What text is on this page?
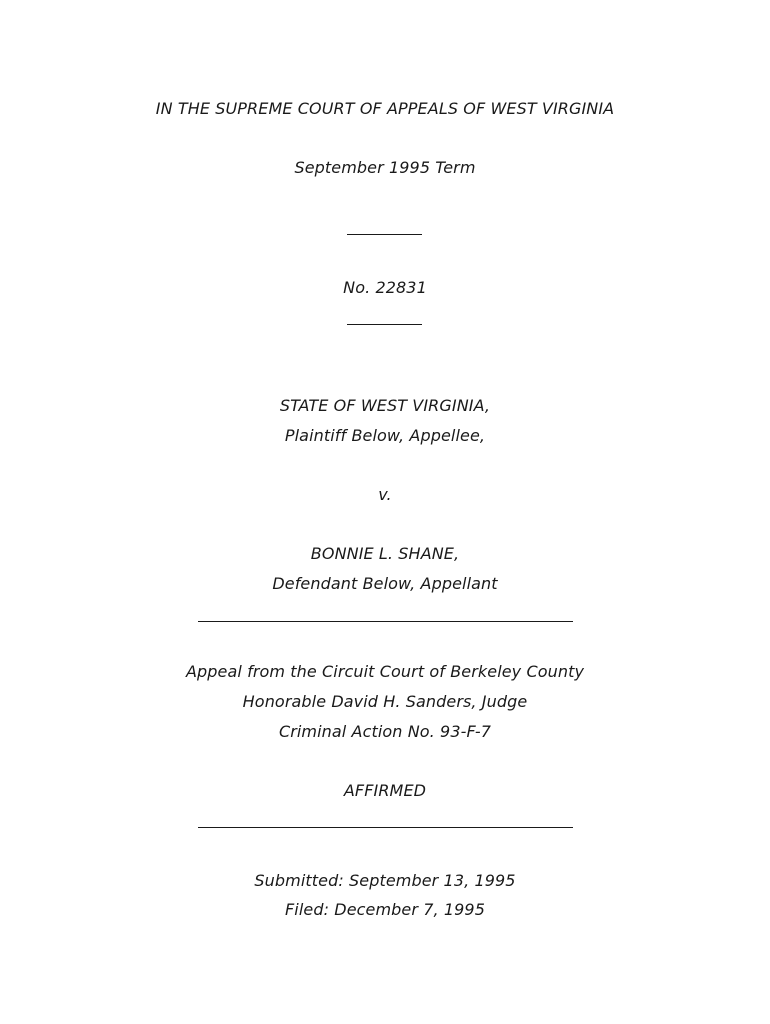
IN THE SUPREME COURT OF APPEALS OF WEST VIRGINIA
September 1995 Term
No. 22831
STATE OF WEST VIRGINIA,
Plaintiff Below, Appellee,
v.
BONNIE L. SHANE,
Defendant Below, Appellant
Appeal from the Circuit Court of Berkeley County
Honorable David H. Sanders, Judge
Criminal Action No. 93-F-7
AFFIRMED
Submitted: September 13, 1995
Filed: December 7, 1995
